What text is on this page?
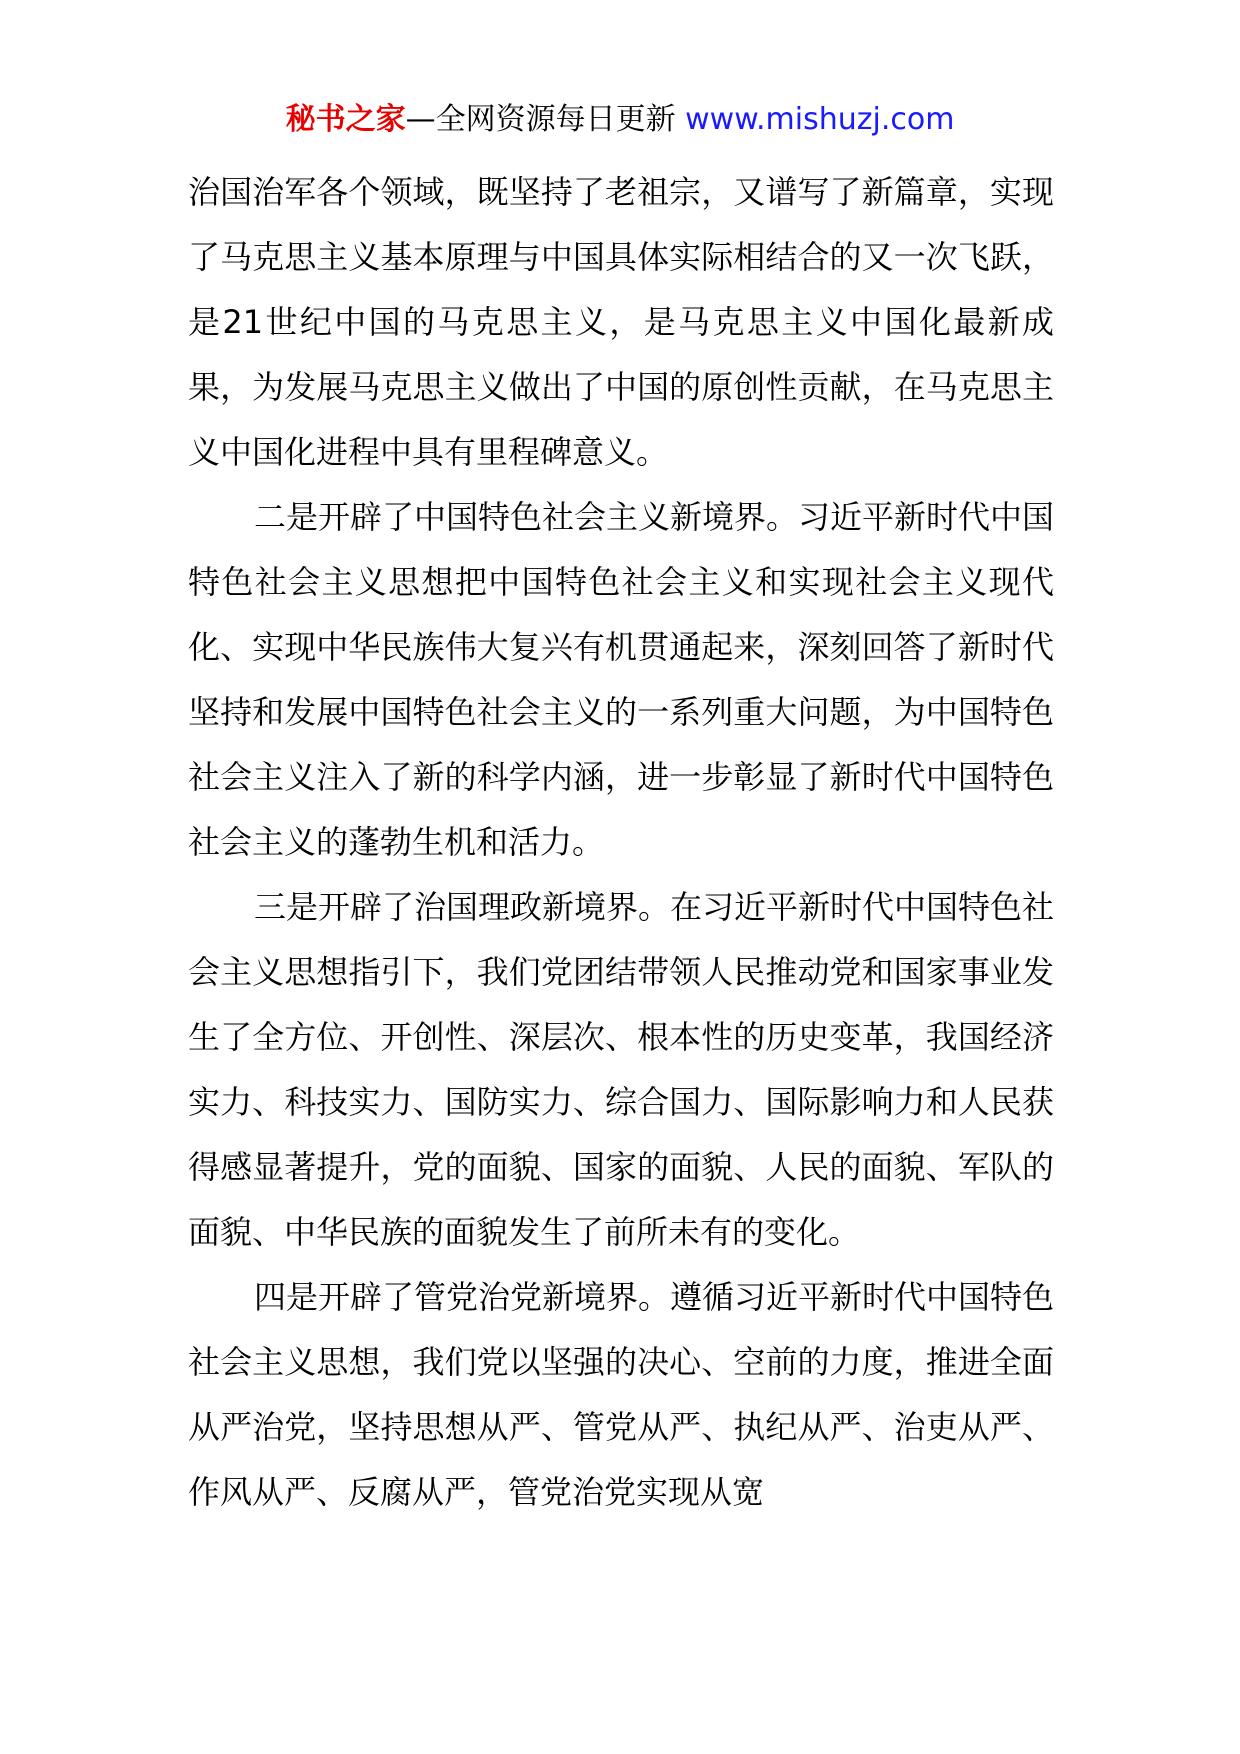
秘书之家—全网资源每日更新 www.mishuzj.com

治国治军各个领域，既坚持了老祖宗，又谱写了新篇章，实现了马克思主义基本原理与中国具体实际相结合的又一次飞跃，是21世纪中国的马克思主义，是马克思主义中国化最新成果，为发展马克思主义做出了中国的原创性贡献，在马克思主义中国化进程中具有里程碑意义。

二是开辟了中国特色社会主义新境界。习近平新时代中国特色社会主义思想把中国特色社会主义和实现社会主义现代化、实现中华民族伟大复兴有机贯通起来，深刻回答了新时代坚持和发展中国特色社会主义的一系列重大问题，为中国特色社会主义注入了新的科学内涵，进一步彰显了新时代中国特色社会主义的蓬勃生机和活力。

三是开辟了治国理政新境界。在习近平新时代中国特色社会主义思想指引下，我们党团结带领人民推动党和国家事业发生了全方位、开创性、深层次、根本性的历史变革，我国经济实力、科技实力、国防实力、综合国力、国际影响力和人民获得感显著提升，党的面貌、国家的面貌、人民的面貌、军队的面貌、中华民族的面貌发生了前所未有的变化。

四是开辟了管党治党新境界。遵循习近平新时代中国特色社会主义思想，我们党以坚强的决心、空前的力度，推进全面从严治党，坚持思想从严、管党从严、执纪从严、治吏从严、作风从严、反腐从严，管党治党实现从宽
